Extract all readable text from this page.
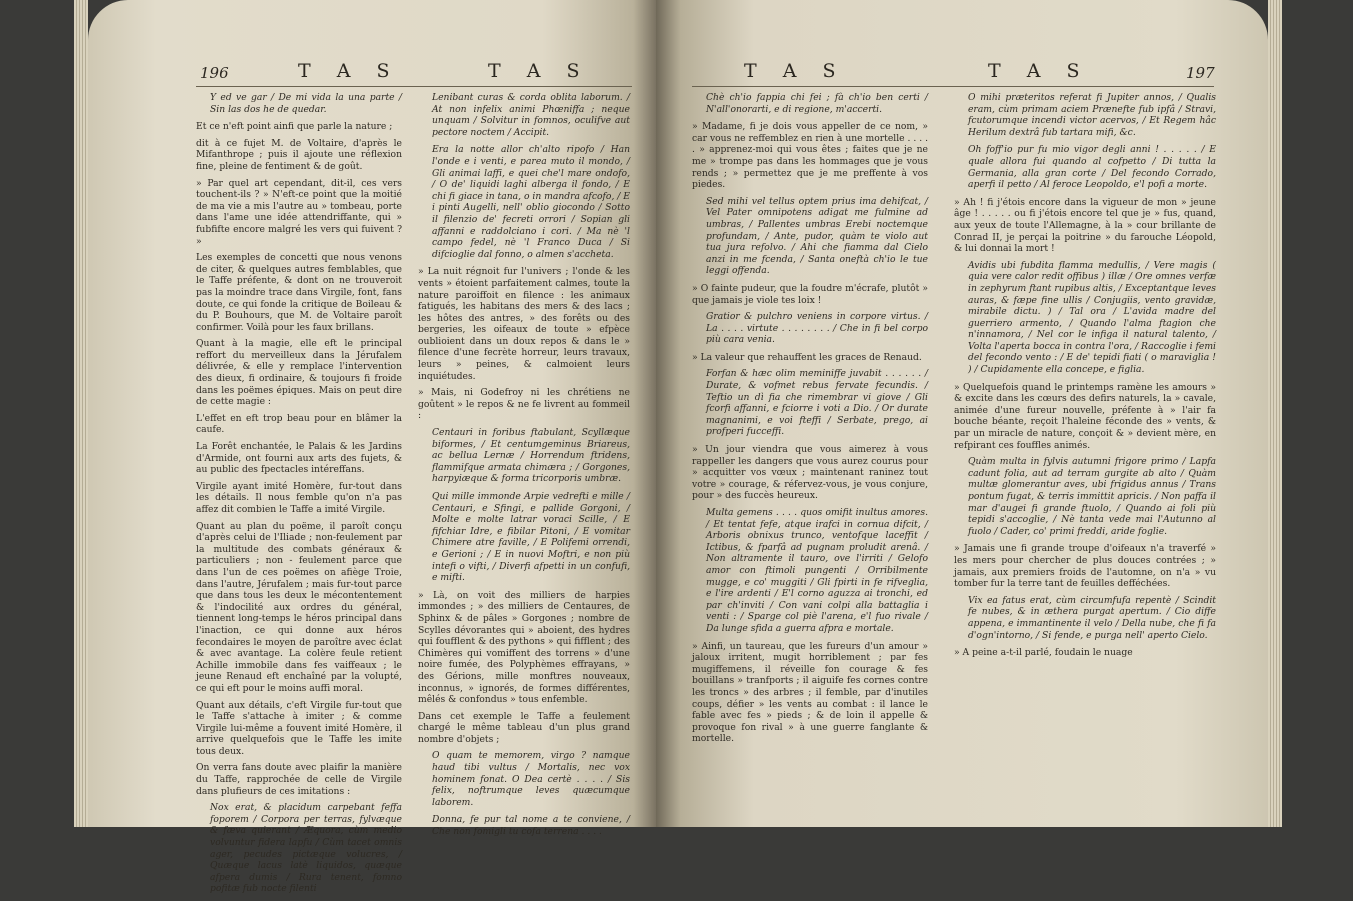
196	T A S	T A S

Y ed ve gar / De mi vida la una parte / Sin las dos he de quedar.

Et ce n'eft point ainfi que parle la nature ;

dit à ce fujet M. de Voltaire, d'après le Mifanthrope ; puis il ajoute une réflexion fine, pleine de fentiment & de goût.

» Par quel art cependant, dit-il, ces vers touchent-ils ? » N'eft-ce point que la moitié de ma vie a mis l'autre au » tombeau, porte dans l'ame une idée attendriffante, qui » fubfifte encore malgré les vers qui fuivent ? »

Les exemples de concetti que nous venons de citer, & quelques autres femblables, que le Taffe préfente, & dont on ne trouveroit pas la moindre trace dans Virgile, font, fans doute, ce qui fonde la critique de Boileau & du P. Bouhours, que M. de Voltaire paroît confirmer. Voilà pour les faux brillans.

Quant à la magie, elle eft le principal reffort du merveilleux dans la Jérufalem délivrée, & elle y remplace l'intervention des dieux, fi ordinaire, & toujours fi froide dans les poëmes épiques. Mais on peut dire de cette magie :

L'effet en eft trop beau pour en blâmer la caufe.

La Forêt enchantée, le Palais & les Jardins d'Armide, ont fourni aux arts des fujets, & au public des fpectacles intéreffans.

Virgile ayant imité Homère, fur-tout dans les détails. Il nous femble qu'on n'a pas affez dit combien le Taffe a imité Virgile.

Quant au plan du poëme, il paroît conçu d'après celui de l'Iliade ; non-feulement par la multitude des combats généraux & particuliers ; non - feulement parce que dans l'un de ces poëmes on afiège Troie, dans l'autre, Jérufalem ; mais fur-tout parce que dans tous les deux le mécontentement & l'indocilité aux ordres du général, tiennent long-temps le héros principal dans l'inaction, ce qui donne aux héros fecondaires le moyen de paroître avec éclat & avec avantage. La colère feule retient Achille immobile dans fes vaiffeaux ; le jeune Renaud eft enchaîné par la volupté, ce qui eft pour le moins auffi moral.

Quant aux détails, c'eft Virgile fur-tout que le Taffe s'attache à imiter ; & comme Virgile lui-même a fouvent imité Homère, il arrive quelquefois que le Taffe les imite tous deux.

On verra fans doute avec plaifir la manière du Taffe, rapprochée de celle de Virgile dans plufieurs de ces imitations :

Nox erat, & placidum carpebant feffa foporem / Corpora per terras, fylvæque & fæva quierant / Æquora, cùm medio volvuntur fidera lapfu / Cùm tacet omnis ager, pecudes pictæque volucres, / Quæque lacus latè liquidos, quæque afpera dumis / Rura tenent, fomno pofitæ fub nocte filenti

Lenibant curas & corda oblita laborum. / At non infelix animi Phœniffa ; neque unquam / Solvitur in fomnos, oculifve aut pectore noctem / Accipit.

Era la notte allor ch'alto ripofo / Han l'onde e i venti, e parea muto il mondo, / Gli animai laffi, e quei che'l mare ondofo, / O de' liquidi laghi alberga il fondo, / E chi fi giace in tana, o in mandra afcofo, / E i pinti Augelli, nell' oblio giocondo / Sotto il filenzio de' fecreti orrori / Sopian gli affanni e raddolciano i cori. / Ma nè 'l campo fedel, nè 'l Franco Duca / Si difcioglie dal fonno, o almen s'accheta.

» La nuit régnoit fur l'univers ; l'onde & les vents » étoient parfaitement calmes, toute la nature paroiffoit en filence : les animaux fatigués, les habitans des mers & des lacs ; les hôtes des antres, » des forêts ou des bergeries, les oifeaux de toute » efpèce oublioient dans un doux repos & dans le » filence d'une fecrète horreur, leurs travaux, leurs » peines, & calmoient leurs inquiétudes.

» Mais, ni Godefroy ni les chrétiens ne goûtent » le repos & ne fe livrent au fommeil :

Centauri in foribus ftabulant, Scyllæque biformes, / Et centumgeminus Briareus, ac bellua Lernæ / Horrendum ftridens, flammifque armata chimæra ; / Gorgones, harpyiæque & forma tricorporis umbræ.

Qui mille immonde Arpie vedrefti e mille / Centauri, e Sfingi, e pallide Gorgoni, / Molte e molte latrar voraci Scille, / E fifchiar Idre, e fibilar Pitoni, / E vomitar Chimere atre faville, / E Polifemi orrendi, e Gerioni ; / E in nuovi Moftri, e non più intefi o vifti, / Diverfi afpetti in un confufi, e mifti.

» Là, on voit des milliers de harpies immondes ; » des milliers de Centaures, de Sphinx & de pâles » Gorgones ; nombre de Scylles dévorantes qui » aboient, des hydres qui foufflent & des pythons » qui fifflent ; des Chimères qui vomiffent des torrens » d'une noire fumée, des Polyphèmes effrayans, » des Gérions, mille monftres nouveaux, inconnus, » ignorés, de formes différentes, mêlés & confondus » tous enfemble.

Dans cet exemple le Taffe a feulement chargé le même tableau d'un plus grand nombre d'objets ;

O quam te memorem, virgo ? namque haud tibi vultus / Mortalis, nec vox hominem fonat. O Dea certè . . . . / Sis felix, noftrumque leves quæcumque laborem.

Donna, fe pur tal nome a te conviene, / Che non fomigli tu cofa terrena . . . .

T A S	T A S	197

Chè ch'io fappia chi fei ; fà ch'io ben certi / N'all'onorarti, e di regione, m'accerti.

» Madame, fi je dois vous appeller de ce nom, » car vous ne reffemblez en rien à une mortelle . . . . . » apprenez-moi qui vous êtes ; faites que je ne me » trompe pas dans les hommages que je vous rends ; » permettez que je me preffente à vos piedes.

Sed mihi vel tellus optem prius ima dehifcat, / Vel Pater omnipotens adigat me fulmine ad umbras, / Pallentes umbras Erebi noctemque profundam, / Ante, pudor, quàm te violo aut tua jura refolvo. / Ahi che fiamma dal Cielo anzi in me fcenda, / Santa oneftà ch'io le tue leggi offenda.

» O fainte pudeur, que la foudre m'écrafe, plutôt » que jamais je viole tes loix !

Gratior & pulchro veniens in corpore virtus. / La . . . . virtute . . . . . . . . / Che in fi bel corpo più cara venia.

» La valeur que rehauffent les graces de Renaud.

Forfan & hæc olim meminiffe juvabit . . . . . . / Durate, & vofmet rebus fervate fecundis. / Teftio un dì fia che rimembrar vi giove / Gli fcorfi affanni, e fciorre i voti a Dio. / Or durate magnanimi, e voi fteffi / Serbate, prego, ai profperi fucceffi.

» Un jour viendra que vous aimerez à vous rappeller les dangers que vous aurez courus pour » acquitter vos vœux ; maintenant raninez tout votre » courage, & réfervez-vous, je vous conjure, pour » des fuccès heureux.

Multa gemens . . . . quos omifit inultus amores. / Et tentat fefe, atque irafci in cornua difcit, / Arboris obnixus trunco, ventofque laceffit / Ictibus, & fparfâ ad pugnam proludit arenâ. / Non altramente il tauro, ove l'irriti / Gelofo amor con ftimoli pungenti / Orribilmente mugge, e co' muggiti / Gli fpirti in fe rifveglia, e l'ire ardenti / E'l corno aguzza ai tronchi, ed par ch'inviti / Con vani colpi alla battaglia i venti : / Sparge col piè l'arena, e'l fuo rivale / Da lunge sfida a guerra afpra e mortale.

» Ainfi, un taureau, que les fureurs d'un amour » jaloux irritent, mugit horriblement ; par fes mugiffemens, il réveille fon courage & fes bouillans » tranfports ; il aiguife fes cornes contre les troncs » des arbres ; il femble, par d'inutiles coups, défier » les vents au combat : il lance le fable avec fes » pieds ; & de loin il appelle & provoque fon rival » à une guerre fanglante & mortelle.

O mihi præteritos referat fi Jupiter annos, / Qualis eram, cùm primam aciem Prænefte fub ipfâ / Stravi, fcutorumque incendi victor acervos, / Et Regem hâc Herilum dextrâ fub tartara mifi, &c.

Oh foff'io pur fu mio vigor degli anni ! . . . . . / E quale allora fui quando al cofpetto / Di tutta la Germania, alla gran corte / Del fecondo Corrado, aperfi il petto / Al feroce Leopoldo, e'l pofi a morte.

» Ah ! fi j'étois encore dans la vigueur de mon » jeune âge ! . . . . . ou fi j'étois encore tel que je » fus, quand, aux yeux de toute l'Allemagne, à la » cour brillante de Conrad II, je perçai la poitrine » du farouche Léopold, & lui donnai la mort !

Avidis ubi fubdita flamma medullis, / Vere magis ( quia vere calor redit offibus ) illæ / Ore omnes verfæ in zephyrum ftant rupibus altis, / Exceptantque leves auras, & fæpe fine ullis / Conjugiis, vento gravidæ, mirabile dictu. ) / Tal ora / L'avida madre del guerriero armento, / Quando l'alma ftagion che n'innamora, / Nel cor le infiga il natural talento, / Volta l'aperta bocca in contra l'ora, / Raccoglie i femi del fecondo vento : / E de' tepidi fiati ( o maraviglia ! ) / Cupidamente ella concepe, e figlia.

» Quelquefois quand le printemps ramène les amours » & excite dans les cœurs des defirs naturels, la » cavale, animée d'une fureur nouvelle, préfente à » l'air fa bouche béante, reçoit l'haleine féconde des » vents, & par un miracle de nature, conçoit & » devient mère, en refpirant ces fouffles animés.

Quàm multa in fylvis autumni frigore primo / Lapfa cadunt folia, aut ad terram gurgite ab alto / Quàm multæ glomerantur aves, ubi frigidus annus / Trans pontum fugat, & terris immittit apricis. / Non paffa il mar d'augei fi grande ftuolo, / Quando ai foli più tepidi s'accoglie, / Nè tanta vede mai l'Autunno al fuolo / Cader, co' primi freddi, aride foglie.

» Jamais une fi grande troupe d'oifeaux n'a traverfé » les mers pour chercher de plus douces contrées ; » jamais, aux premiers froids de l'automne, on n'a » vu tomber fur la terre tant de feuilles defféchées.

Vix ea fatus erat, cùm circumfufa repentè / Scindit fe nubes, & in æthera purgat apertum. / Cio diffe appena, e immantinente il velo / Della nube, che fi fa d'ogn'intorno, / Si fende, e purga nell' aperto Cielo.

» A peine a-t-il parlé, foudain le nuage
